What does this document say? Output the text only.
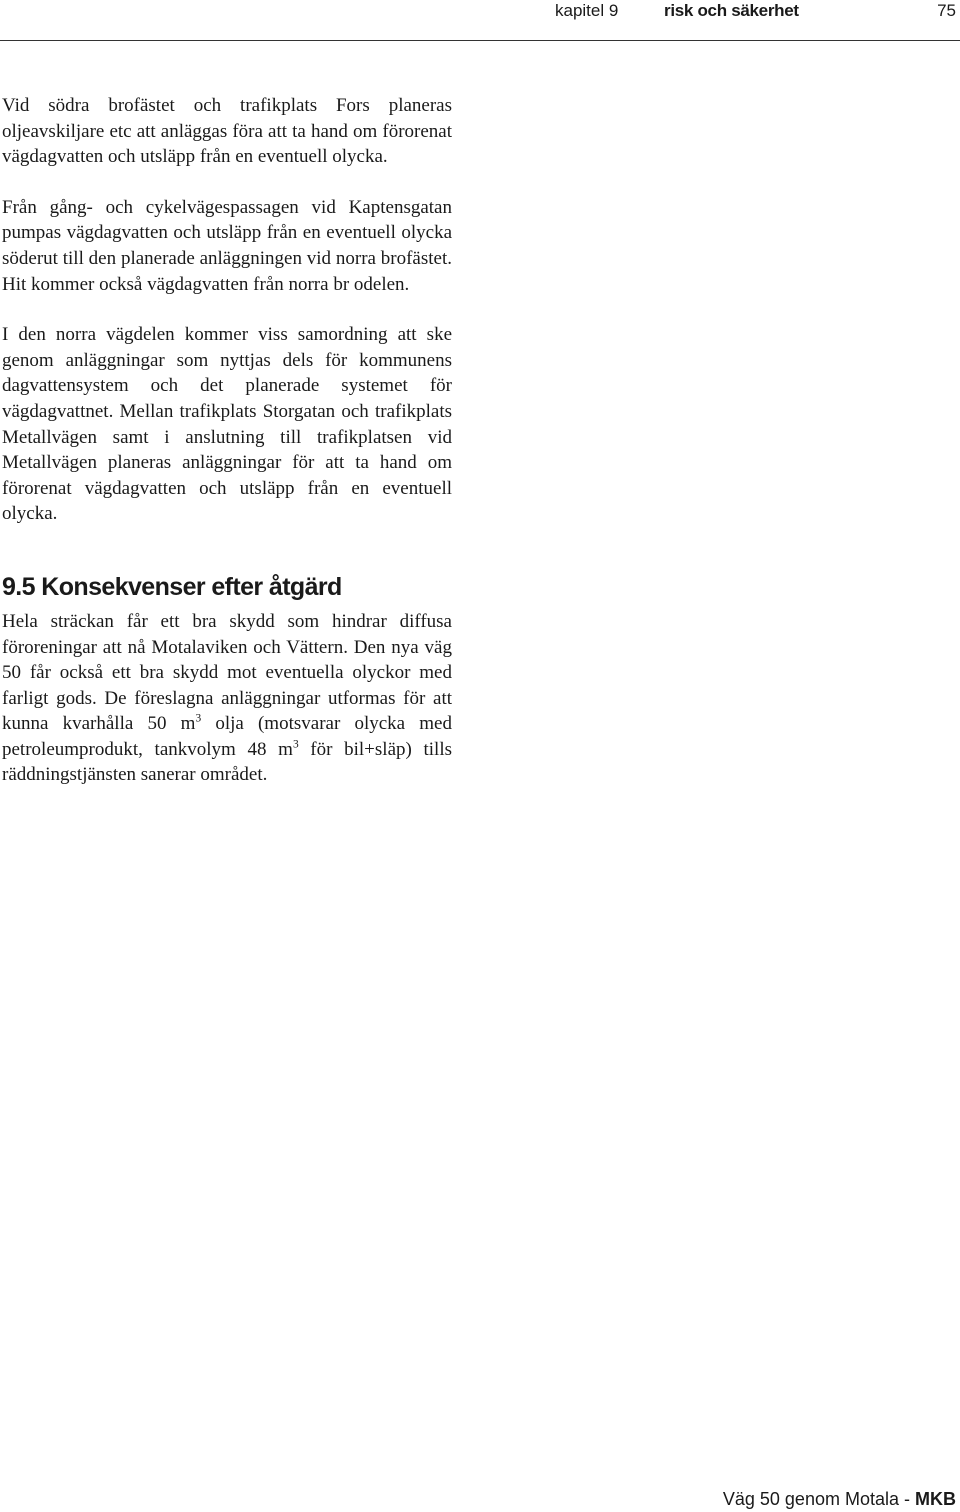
kapitel 9	risk och säkerhet	75

Vid södra brofästet och trafikplats Fors planeras oljeavskiljare etc att anläggas föra att ta hand om förorenat vägdagvatten och utsläpp från en eventuell olycka.

Från gång- och cykelvägespassagen vid Kaptensgatan pumpas vägdagvatten och utsläpp från en eventuell olycka söderut till den planerade anläggningen vid norra brofästet. Hit kommer också vägdagvatten från norra br odelen.

I den norra vägdelen kommer viss samordning att ske genom anläggningar som nyttjas dels för kommunens dagvattensystem och det planerade systemet för vägdagvattnet. Mellan trafikplats Storgatan och trafikplats Metallvägen samt i anslutning till trafikplatsen vid Metallvägen planeras anläggningar för att ta hand om förorenat vägdagvatten och utsläpp från en eventuell olycka.

9.5 Konsekvenser efter åtgärd

Hela sträckan får ett bra skydd som hindrar diffusa föroreningar att nå Motalaviken och Vättern. Den nya väg 50 får också ett bra skydd mot eventuella olyckor med farligt gods. De föreslagna anläggningar utformas för att kunna kvarhålla 50 $m^3$ olja (motsvarar olycka med petroleumprodukt, tankvolym 48 $m^3$ för bil+släp) tills räddningstjänsten sanerar området.

Väg 50 genom Motala - MKB
